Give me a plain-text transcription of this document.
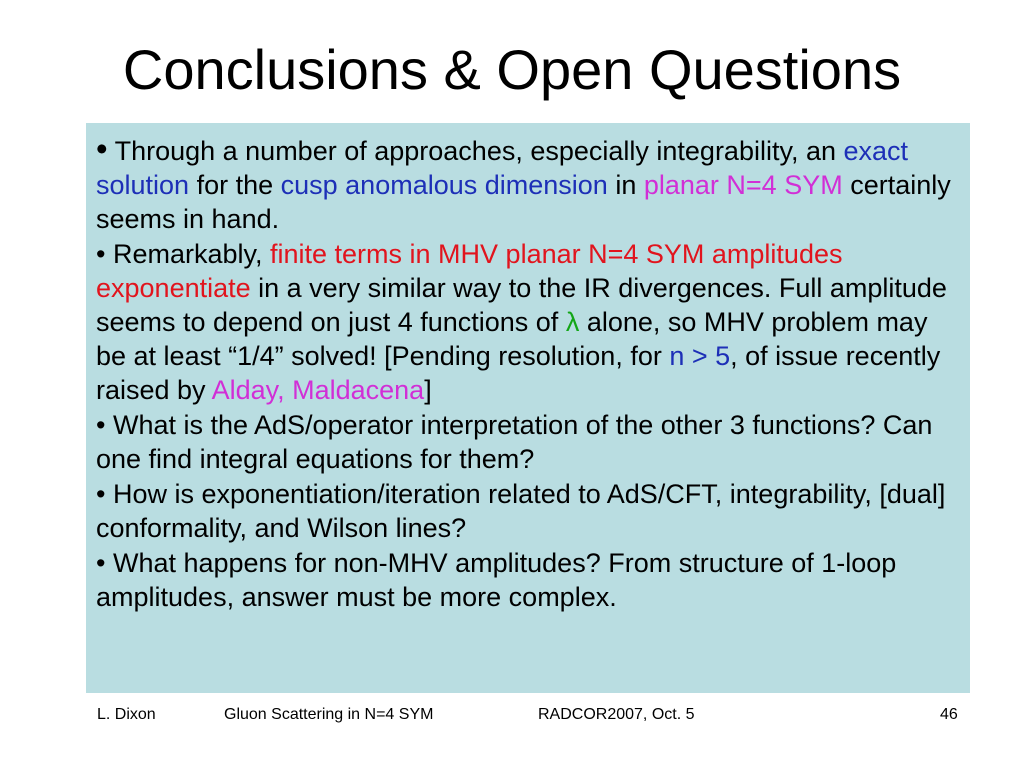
Conclusions & Open Questions
• Through a number of approaches, especially integrability, an exact solution for the cusp anomalous dimension in planar N=4 SYM certainly seems in hand.
• Remarkably, finite terms in MHV planar N=4 SYM amplitudes exponentiate in a very similar way to the IR divergences. Full amplitude seems to depend on just 4 functions of λ alone, so MHV problem may be at least “1/4” solved! [Pending resolution, for n > 5, of issue recently raised by Alday, Maldacena]
• What is the AdS/operator interpretation of the other 3 functions? Can one find integral equations for them?
• How is exponentiation/iteration related to AdS/CFT, integrability, [dual] conformality, and Wilson lines?
• What happens for non-MHV amplitudes? From structure of 1-loop amplitudes, answer must be more complex.
L. Dixon	Gluon Scattering in N=4 SYM	RADCOR2007, Oct. 5	46
